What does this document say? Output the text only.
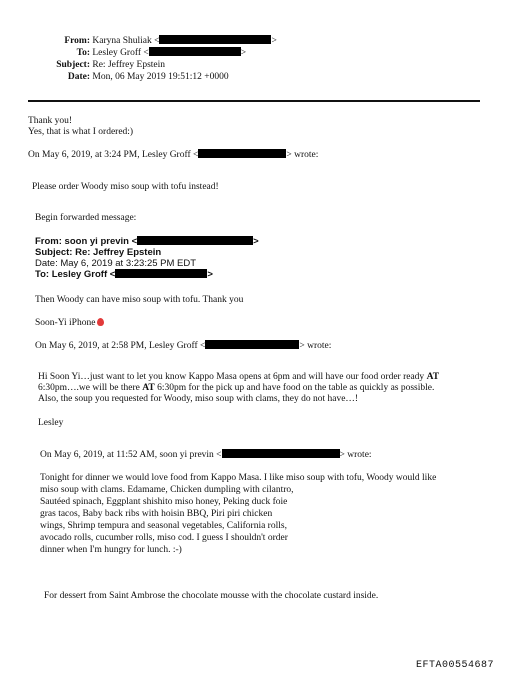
From: Karyna Shuliak <	>
To: Lesley Groff <	>
Subject: Re: Jeffrey Epstein
Date: Mon, 06 May 2019 19:51:12 +0000
Thank you!
Yes, that is what I ordered:)
On May 6, 2019, at 3:24 PM, Lesley Groff <	> wrote:
Please order Woody miso soup with tofu instead!
Begin forwarded message:
From: soon yi previn <	>
Subject: Re: Jeffrey Epstein
Date: May 6, 2019 at 3:23:25 PM EDT
To: Lesley Groff <	>
Then Woody can have miso soup with tofu. Thank you
Soon-Yi iPhone
On May 6, 2019, at 2:58 PM, Lesley Groff <	> wrote:
Hi Soon Yi…just want to let you know Kappo Masa opens at 6pm and will have our food order ready AT
6:30pm….we will be there AT 6:30pm for the pick up and have food on the table as quickly as possible.
Also, the soup you requested for Woody, miso soup with clams, they do not have…!
Lesley
On May 6, 2019, at 11:52 AM, soon yi previn <	> wrote:
Tonight for dinner we would love food from Kappo Masa. I like miso soup with tofu, Woody would like
miso soup with clams. Edamame, Chicken dumpling with cilantro,
Sautéed spinach, Eggplant shishito miso honey, Peking duck foie
gras tacos, Baby back ribs with hoisin BBQ, Piri piri chicken
wings, Shrimp tempura and seasonal vegetables, California rolls,
avocado rolls, cucumber rolls, miso cod. I guess I shouldn't order
dinner when I'm hungry for lunch. :-)
For dessert from Saint Ambrose the chocolate mousse with the chocolate custard inside.
EFTA00554687
